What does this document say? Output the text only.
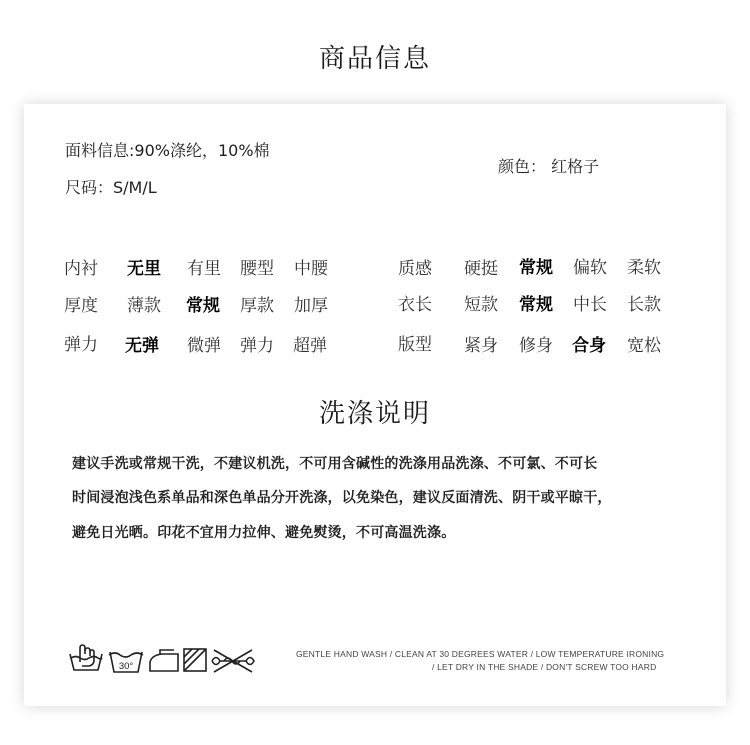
商品信息
面料信息:90%涤纶，10%棉
尺码：S/M/L
颜色： 红格子
内衬 无里 有里 腰型 中腰
厚度 薄款 常规 厚款 加厚
弹力 无弹 微弹 弹力 超弹
质感 硬挺 常规 偏软 柔软
衣长 短款 常规 中长 长款
版型 紧身 修身 合身 宽松
洗涤说明
建议手洗或常规干洗，不建议机洗，不可用含碱性的洗涤用品洗涤、不可氯、不可长
时间浸泡浅色系单品和深色单品分开洗涤，以免染色，建议反面清洗、阴干或平晾干，
避免日光晒。印花不宜用力拉伸、避免熨烫，不可高温洗涤。
30°
GENTLE HAND WASH / CLEAN AT 30 DEGREES WATER / LOW TEMPERATURE IRONING
/ LET DRY IN THE SHADE / DON'T SCREW TOO HARD
